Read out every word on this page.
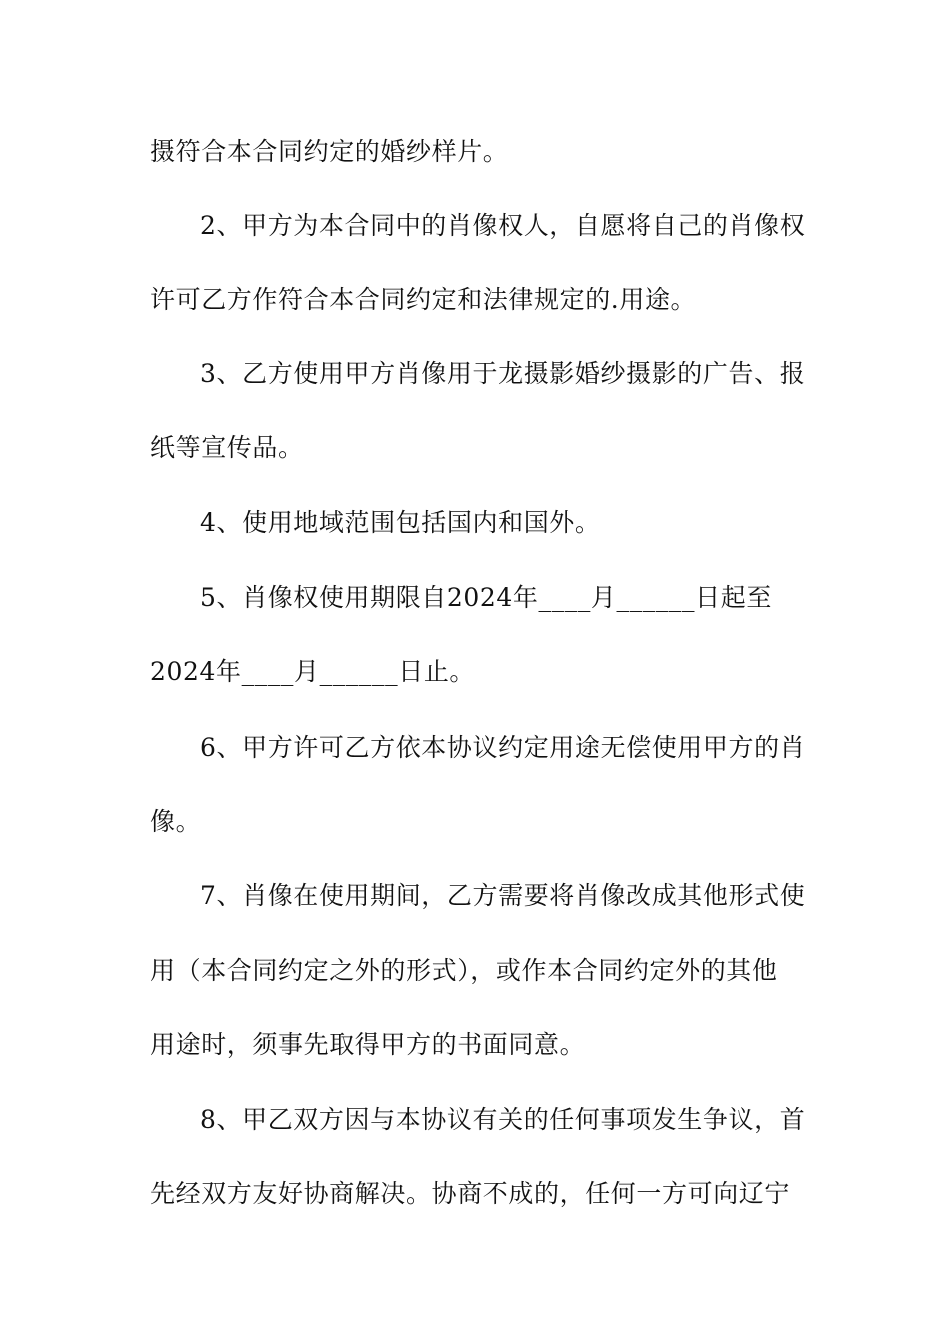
摄符合本合同约定的婚纱样片。
2、甲方为本合同中的肖像权人，自愿将自己的肖像权
许可乙方作符合本合同约定和法律规定的.用途。
3、乙方使用甲方肖像用于龙摄影婚纱摄影的广告、报
纸等宣传品。
4、使用地域范围包括国内和国外。
5、肖像权使用期限自2024年____月______日起至
2024年____月______日止。
6、甲方许可乙方依本协议约定用途无偿使用甲方的肖
像。
7、肖像在使用期间，乙方需要将肖像改成其他形式使
用（本合同约定之外的形式），或作本合同约定外的其他
用途时，须事先取得甲方的书面同意。
8、甲乙双方因与本协议有关的任何事项发生争议，首
先经双方友好协商解决。协商不成的，任何一方可向辽宁
